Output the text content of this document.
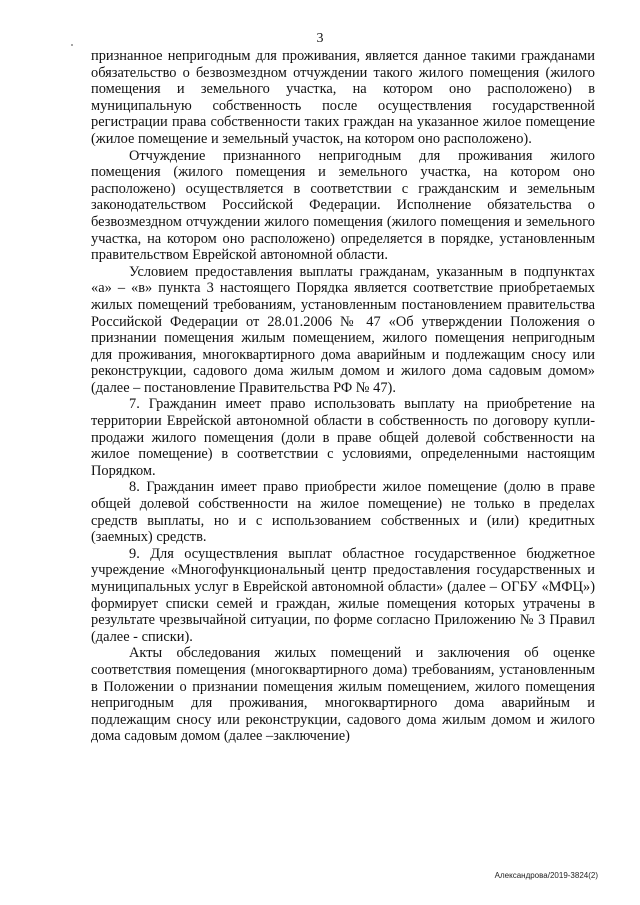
3

признанное непригодным для проживания, является данное такими гражданами обязательство о безвозмездном отчуждении такого жилого помещения (жилого помещения и земельного участка, на котором оно расположено) в муниципальную собственность после осуществления государственной регистрации права собственности таких граждан на указанное жилое помещение (жилое помещение и земельный участок, на котором оно расположено).

Отчуждение признанного непригодным для проживания жилого помещения (жилого помещения и земельного участка, на котором оно расположено) осуществляется в соответствии с гражданским и земельным законодательством Российской Федерации. Исполнение обязательства о безвозмездном отчуждении жилого помещения (жилого помещения и земельного участка, на котором оно расположено) определяется в порядке, установленным правительством Еврейской автономной области.

Условием предоставления выплаты гражданам, указанным в подпунктах «а» – «в» пункта 3 настоящего Порядка является соответствие приобретаемых жилых помещений требованиям, установленным постановлением правительства Российской Федерации от 28.01.2006 № 47 «Об утверждении Положения о признании помещения жилым помещением, жилого помещения непригодным для проживания, многоквартирного дома аварийным и подлежащим сносу или реконструкции, садового дома жилым домом и жилого дома садовым домом» (далее – постановление Правительства РФ № 47).

7. Гражданин имеет право использовать выплату на приобретение на территории Еврейской автономной области в собственность по договору купли-продажи жилого помещения (доли в праве общей долевой собственности на жилое помещение) в соответствии с условиями, определенными настоящим Порядком.

8. Гражданин имеет право приобрести жилое помещение (долю в праве общей долевой собственности на жилое помещение) не только в пределах средств выплаты, но и с использованием собственных и (или) кредитных (заемных) средств.

9. Для осуществления выплат областное государственное бюджетное учреждение «Многофункциональный центр предоставления государственных и муниципальных услуг в Еврейской автономной области» (далее – ОГБУ «МФЦ») формирует списки семей и граждан, жилые помещения которых утрачены в результате чрезвычайной ситуации, по форме согласно Приложению № 3 Правил (далее - списки).

Акты обследования жилых помещений и заключения об оценке соответствия помещения (многоквартирного дома) требованиям, установленным в Положении о признании помещения жилым помещением, жилого помещения непригодным для проживания, многоквартирного дома аварийным и подлежащим сносу или реконструкции, садового дома жилым домом и жилого дома садовым домом (далее –заключение)

Александрова/2019-3824(2)
